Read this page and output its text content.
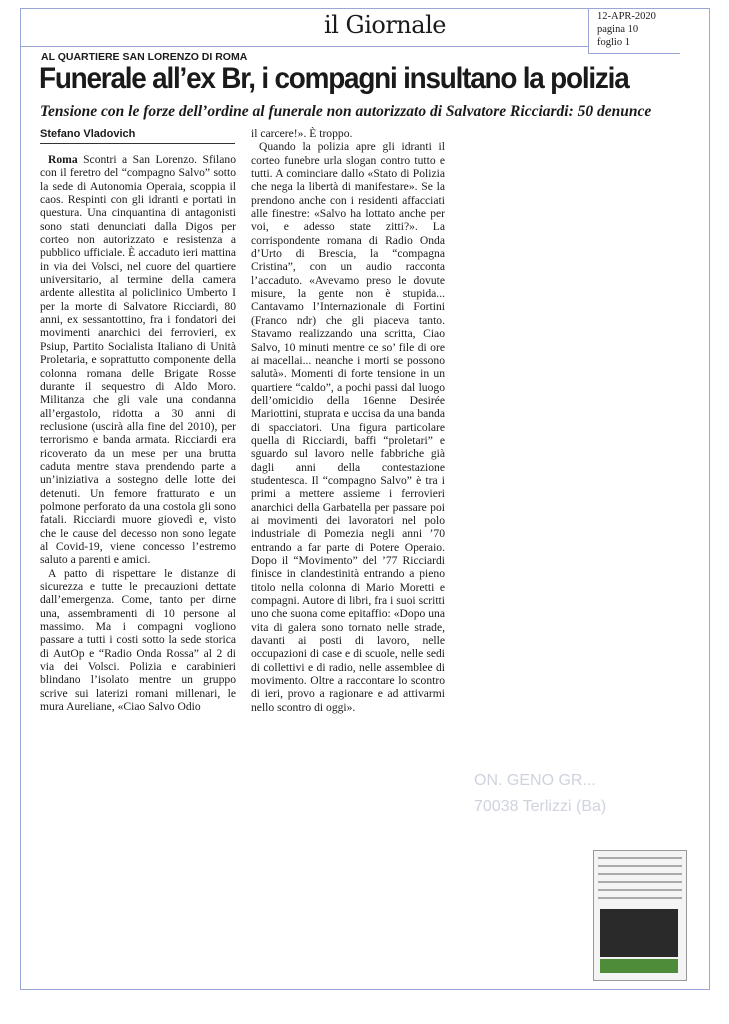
il Giornale	12-APR-2020
pagina 10
foglio 1
AL QUARTIERE SAN LORENZO DI ROMA
Funerale all’ex Br, i compagni insultano la polizia
Tensione con le forze dell’ordine al funerale non autorizzato di Salvatore Ricciardi: 50 denunce
Stefano Vladovich

Roma Scontri a San Lorenzo. Sfilano con il feretro del “compagno Salvo” sotto la sede di Autonomia Operaia, scoppia il caos. Respinti con gli idranti e portati in questura. Una cinquantina di antagonisti sono stati denunciati dalla Digos per corteo non autorizzato e resistenza a pubblico ufficiale. È accaduto ieri mattina in via dei Volsci, nel cuore del quartiere universitario, al termine della camera ardente allestita al policlinico Umberto I per la morte di Salvatore Ricciardi, 80 anni, ex sessantottino, fra i fondatori dei movimenti anarchici dei ferrovieri, ex Psiup, Partito Socialista Italiano di Unità Proletaria, e soprattutto componente della colonna romana delle Brigate Rosse durante il sequestro di Aldo Moro. Militanza che gli vale una condanna all’ergastolo, ridotta a 30 anni di reclusione (uscirà alla fine del 2010), per terrorismo e banda armata. Ricciardi era ricoverato da un mese per una brutta caduta mentre stava prendendo parte a un’iniziativa a sostegno delle lotte dei detenuti. Un femore fratturato e un polmone perforato da una costola gli sono fatali. Ricciardi muore giovedì e, visto che le cause del decesso non sono legate al Covid-19, viene concesso l’estremo saluto a parenti e amici.

A patto di rispettare le distanze di sicurezza e tutte le precauzioni dettate dall’emergenza. Come, tanto per dirne una, assembramenti di 10 persone al massimo. Ma i compagni vogliono passare a tutti i costi sotto la sede storica di AutOp e “Radio Onda Rossa” al 2 di via dei Volsci. Polizia e carabinieri blindano l’isolato mentre un gruppo scrive sui laterizi romani millenari, le mura Aureliane, «Ciao Salvo Odio

il carcere!». È troppo.

Quando la polizia apre gli idranti il corteo funebre urla slogan contro tutto e tutti. A cominciare dallo «Stato di Polizia che nega la libertà di manifestare». Se la prendono anche con i residenti affacciati alle finestre: «Salvo ha lottato anche per voi, e adesso state zitti?». La corrispondente romana di Radio Onda d’Urto di Brescia, la “compagna Cristina”, con un audio racconta l’accaduto. «Avevamo preso le dovute misure, la gente non è stupida... Cantavamo l’Internazionale di Fortini (Franco ndr) che gli piaceva tanto. Stavamo realizzando una scritta, Ciao Salvo, 10 minuti mentre ce so’ file di ore ai macellai... neanche i morti se possono salutà». Momenti di forte tensione in un quartiere “caldo”, a pochi passi dal luogo dell’omicidio della 16enne Desirée Mariottini, stuprata e uccisa da una banda di spacciatori. Una figura particolare quella di Ricciardi, baffi “proletari” e sguardo sul lavoro nelle fabbriche già dagli anni della contestazione studentesca. Il “compagno Salvo” è tra i primi a mettere assieme i ferrovieri anarchici della Garbatella per passare poi ai movimenti dei lavoratori nel polo industriale di Pomezia negli anni ’70 entrando a far parte di Potere Operaio. Dopo il “Movimento” del ’77 Ricciardi finisce in clandestinità entrando a pieno titolo nella colonna di Mario Moretti e compagni. Autore di libri, fra i suoi scritti uno che suona come epitaffio: «Dopo una vita di galera sono tornato nelle strade, davanti ai posti di lavoro, nelle occupazioni di case e di scuole, nelle sedi di collettivi e di radio, nelle assemblee di movimento. Oltre a raccontare lo scontro di ieri, provo a ragionare e ad attivarmi nello scontro di oggi».

ON. GENO GR...
70038 Terlizzi (Ba)
